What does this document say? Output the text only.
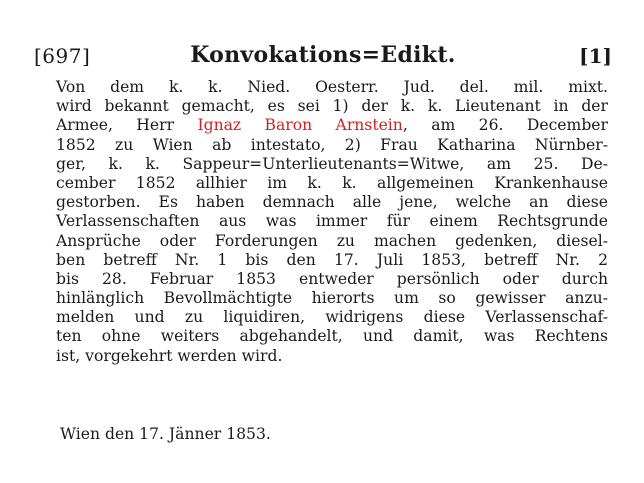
[697]	Konvokations=Edikt.	[1]
Von dem k. k. Nied. Oesterr. Jud. del. mil. mixt.
wird bekannt gemacht, es sei 1) der k. k. Lieutenant in der
Armee, Herr Ignaz Baron Arnstein, am 26. December
1852 zu Wien ab intestato, 2) Frau Katharina Nürnber-
ger, k. k. Sappeur=Unterlieutenants=Witwe, am 25. De-
cember 1852 allhier im k. k. allgemeinen Krankenhause
gestorben. Es haben demnach alle jene, welche an diese
Verlassenschaften aus was immer für einem Rechtsgrunde
Ansprüche oder Forderungen zu machen gedenken, diesel-
ben betreff Nr. 1 bis den 17. Juli 1853, betreff Nr. 2
bis 28. Februar 1853 entweder persönlich oder durch
hinlänglich Bevollmächtigte hierorts um so gewisser anzu-
melden und zu liquidiren, widrigens diese Verlassenschaf-
ten ohne weiters abgehandelt, und damit, was Rechtens
ist, vorgekehrt werden wird.
Wien den 17. Jänner 1853.
